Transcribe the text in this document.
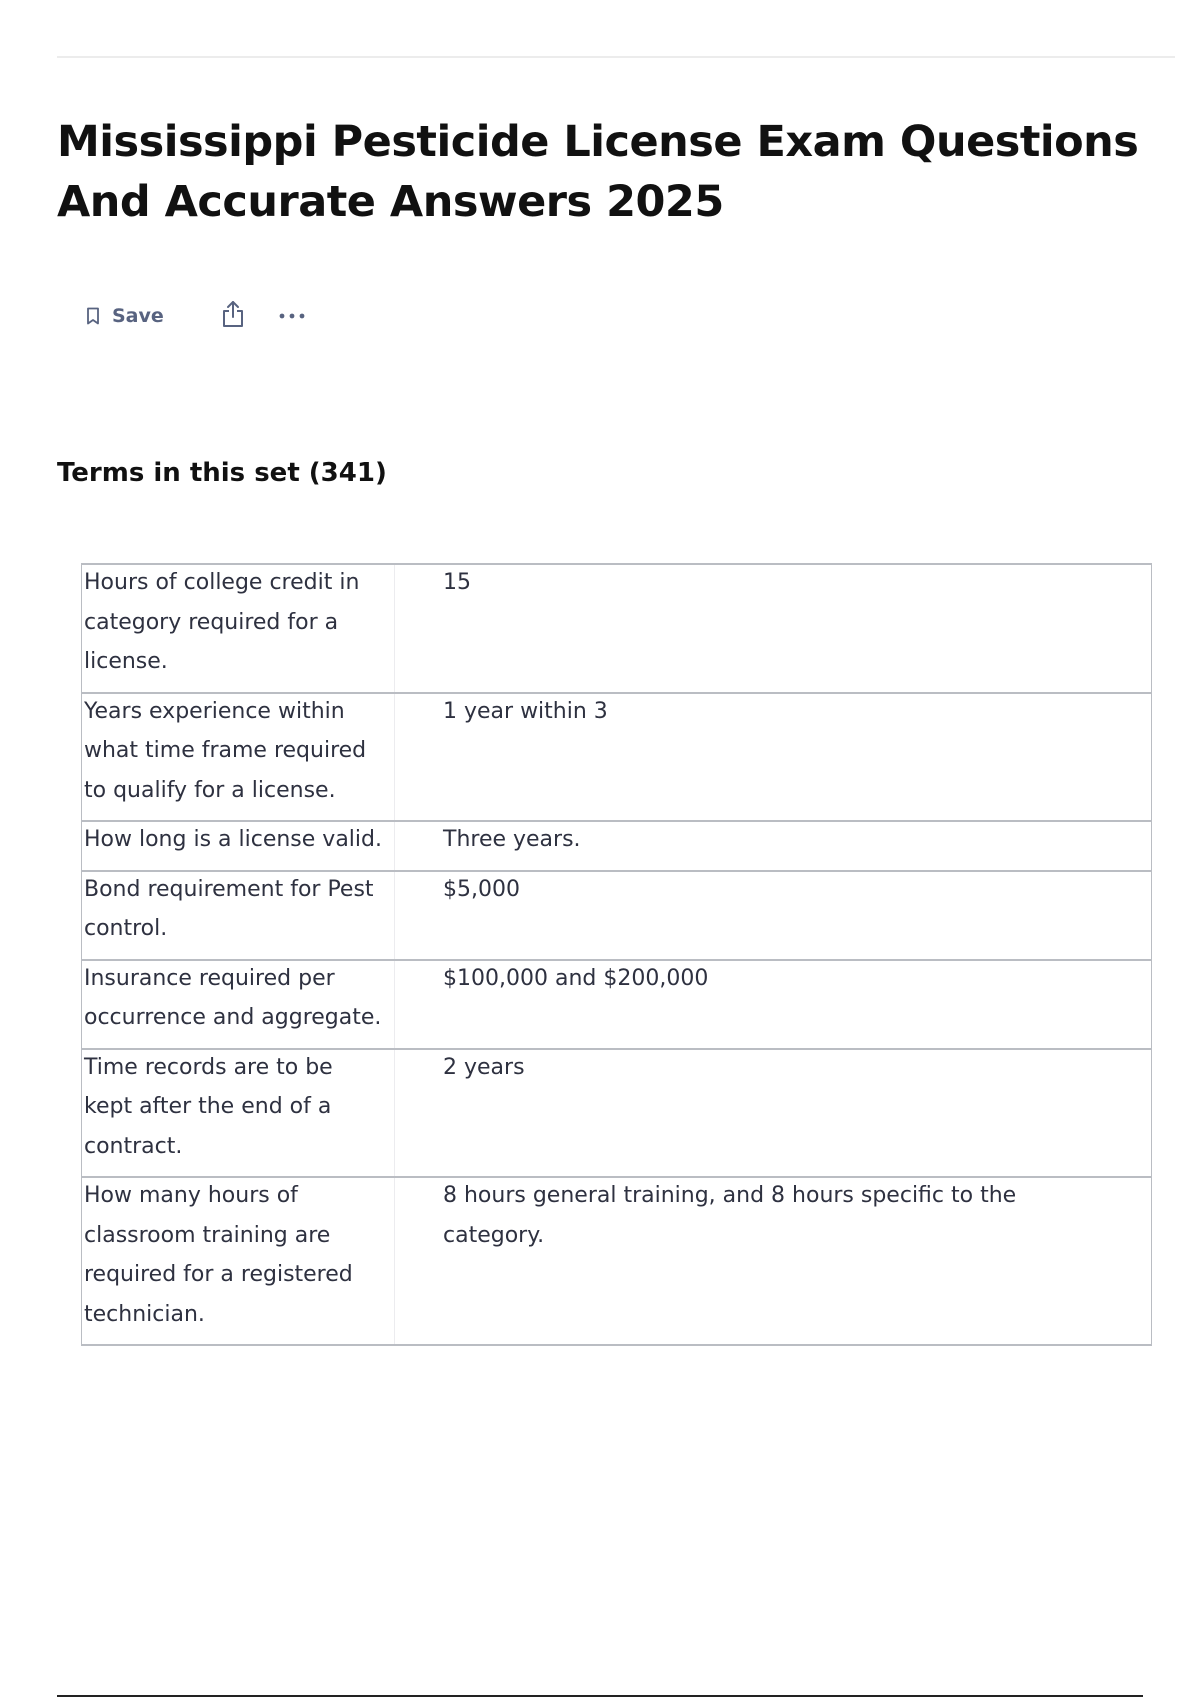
Mississippi Pesticide License Exam Questions And Accurate Answers 2025
Save
Terms in this set (341)
Hours of college credit in category required for a license.	15

Years experience within what time frame required to qualify for a license.	1 year within 3

How long is a license valid.	Three years.

Bond requirement for Pest control.	$5,000

Insurance required per occurrence and aggregate.	$100,000 and $200,000

Time records are to be kept after the end of a contract.	2 years

How many hours of classroom training are required for a registered technician.	8 hours general training, and 8 hours specific to the category.
